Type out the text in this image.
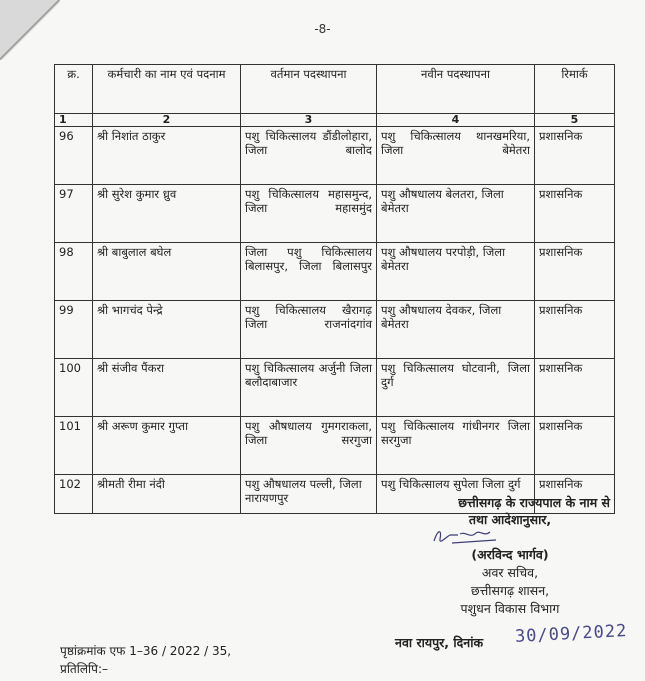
-8-
क्र.	कर्मचारी का नाम एवं पदनाम	वर्तमान पदस्थापना	नवीन पदस्थापना	रिमार्क
1	2	3	4	5
96	श्री निशांत ठाकुर	पशु चिकित्सालय डौंडीलोहारा, जिला बालोद	पशु चिकित्सालय थानखमरिया, जिला बेमेतरा	प्रशासनिक
97	श्री सुरेश कुमार ध्रुव	पशु चिकित्सालय महासमुन्द, जिला महासमुंद	पशु औषधालय बेलतरा, जिला बेमेतरा	प्रशासनिक
98	श्री बाबुलाल बघेल	जिला पशु चिकित्सालय बिलासपुर, जिला बिलासपुर	पशु औषधालय परपोड़ी, जिला बेमेतरा	प्रशासनिक
99	श्री भागचंद पेन्द्रे	पशु चिकित्सालय खैरागढ़ जिला राजनांदगांव	पशु औषधालय देवकर, जिला बेमेतरा	प्रशासनिक
100	श्री संजीव पैंकरा	पशु चिकित्सालय अर्जुनी जिला बलौदाबाजार	पशु चिकित्सालय घोटवानी, जिला दुर्ग	प्रशासनिक
101	श्री अरूण कुमार गुप्ता	पशु औषधालय गुमगराकला, जिला सरगुजा	पशु चिकित्सालय गांधीनगर जिला सरगुजा	प्रशासनिक
102	श्रीमती रीमा नंदी	पशु औषधालय पल्ली, जिला नारायणपुर	पशु चिकित्सालय सुपेला जिला दुर्ग	प्रशासनिक
छत्तीसगढ़ के राज्यपाल के नाम से
तथा आदेशानुसार,
(अरविन्द भार्गव)
अवर सचिव,
छत्तीसगढ़ शासन,
पशुधन विकास विभाग
पृष्ठांक्रमांक एफ 1–36 / 2022 / 35,
प्रतिलिपि:–
नवा रायपुर, दिनांक 30/09/2022
